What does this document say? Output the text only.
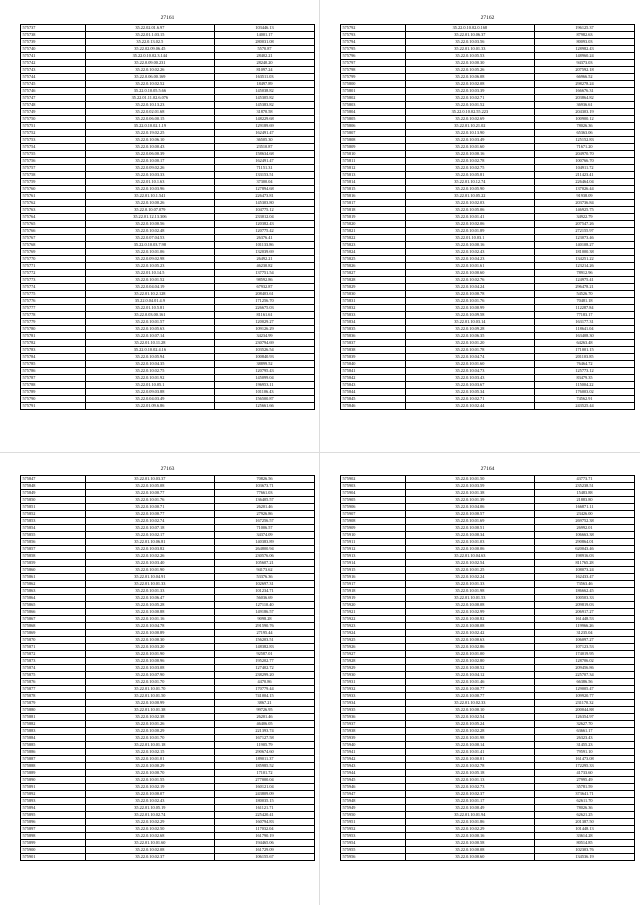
27161
575737	35.22.02.01.6.97	103446.13
575738	35.22.01.1.03.15	14001.17
575739	35.22.0.13.02.5	280031.08
575740	35.22.02.09.06.45	5570.87
575741	35.22.0.10.02.3.144	28402.21
575742	35.22.0.09.00.231	28240.20
575743	35.22.0.10.02.26	81097.24
575744	35.22.0.06.00.169	163511.03
575745	35.22.0.10.02.52	18497.89
575746	35.22.0.10.05.5.66	145038.82
575747	35.22.01.11.02.6.076	145305.82
575748	35.22.0.10.13.23	145383.82
575749	35.22.0.02.01.68	31870.58
575750	35.22.0.06.00.15	148229.68
575751	35.22.0.10.02.1.19	129189.69
575752	35.22.0.19.02.25	162491.47
575753	35.22.0.10.06.10	36505.30
575754	35.22.0.10.00.43	23510.87
575755	35.22.0.06.00.39	158634.68
575756	35.22.0.10.00.17	162491.47
575757	35.22.0.09.02.26	71151.31
575758	35.22.0.10.03.33	133153.51
575759	35.22.01.10.1.63	37300.04
575760	35.22.0.10.03.96	127894.68
575761	35.22.01.10.1.541	226473.81
575762	35.22.0.10.00.26	145303.80
575763	35.22.0.10.07.079	104775.12
575764	35.22.01.12.13.306	233012.04
575765	35.22.0.10.00.56	120382.43
575766	35.22.0.10.02.48	120775.42
575767	35.22.0.07.04.53	26376.41
575768	35.22.0.10.03.7.98	101133.86
575769	35.22.0.10.01.06	132039.69
575770	35.22.0.09.02.98	26492.21
575771	35.22.0.10.05.23	46230.82
575772	35.22.01.10.14.5	137751.54
575773	35.22.0.10.01.52	98592.86
575774	35.22.0.04.04.19	67932.87
575775	35.22.01.10.2.128	208403.61
575776	35.22.0.04.01.4.9	171256.70
575777	35.22.01.10.5.81	226675.03
575778	35.22.0.03.00.161	81161.61
575779	35.22.0.10.01.57	120029.27
575780	35.22.0.10.05.63	109126.29
575781	35.22.0.10.07.14	34234.99
575782	35.22.01.10.11.28	230794.69
575783	35.22.0.10.02.4.16	103526.54
575784	35.22.0.10.05.94	100840.93
575785	35.22.0.10.04.35	38899.52
575786	35.22.0.10.02.75	120795.43
575787	35.22.0.10.01.92	145099.04
575788	35.22.01.10.05.1	196953.11
575789	35.22.0.09.03.88	101106.43
575790	35.22.0.04.03.49	156500.87
575791	35.22.01.09.6.86	125661.66
27162
575792	35.22.0.10.02.0.168	196125.37
575793	35.22.01.10.06.37	87982.63
575794	35.22.0.10.03.56	80093.03
575795	35.22.01.10.01.33	128982.43
575796	35.22.0.10.05.53	148960.24
575797	35.22.0.10.00.30	94373.03
575798	35.22.0.10.05.26	207592.18
575799	35.22.0.10.06.08	66966.52
575800	35.22.0.10.02.08	298278.24
575801	35.22.0.10.03.39	166676.31
575802	35.22.0.10.02.71	203864.82
575803	35.22.0.10.01.52	36936.61
575804	35.22.0.10.02.55.223	204303.19
575805	35.22.0.10.02.69	100900.12
575806	35.22.01.10.21.02	78026.36
575807	35.22.0.10.13.90	65363.06
575808	35.22.0.10.03.49	125152.83
575809	35.22.0.10.01.60	71671.20
575810	35.22.0.10.00.16	204970.70
575811	35.22.0.10.02.78	100766.70
575812	35.22.0.10.02.75	104911.72
575813	35.22.0.10.05.81	211423.41
575814	35.22.01.10.12.74	226464.04
575815	35.22.0.10.05.90	137026.44
575816	35.22.01.10.05.22	91938.09
575817	35.22.0.10.02.03	203736.84
575818	35.22.0.10.05.06	146925.75
575819	35.22.0.10.01.41	34922.79
575820	35.22.0.10.02.06	207547.26
575821	35.22.0.10.01.89	272155.97
575822	35.22.01.10.03.1	123073.46
575823	35.22.0.10.00.16	140108.27
575824	35.22.0.10.02.43	181000.38
575825	35.22.0.10.04.23	134251.22
575826	35.22.0.10.01.61	123214.26
575827	35.22.0.10.00.60	78912.96
575828	35.22.0.10.02.76	124975.41
575829	35.22.0.10.04.24	296478.21
575830	35.22.0.10.00.78	54526.70
575831	35.22.0.10.01.76	70481.18
575832	35.22.0.10.00.99	112287.84
575833	35.22.0.10.09.58	77183.17
575834	35.22.01.10.03.14	163177.31
575835	35.22.0.10.09.28	118641.04
575836	35.22.0.10.06.35	163408.30
575837	35.22.0.10.01.20	64263.48
575838	35.22.0.10.01.78	171001.15
575839	35.22.0.10.04.74	201103.85
575840	35.22.0.10.01.60	76464.72
575841	35.22.0.10.04.73	125773.12
575842	35.22.0.10.03.43	83479.35
575843	35.22.0.10.03.67	115004.22
575844	35.22.0.10.05.34	176003.02
575845	35.22.0.10.02.71	74562.91
575846	35.22.0.10.02.44	243525.44
27163
575847	35.22.01.10.03.37	70826.56
575848	35.22.0.10.05.08	103673.71
575849	35.22.0.10.00.77	77661.03
575850	35.22.0.10.01.76	136405.57
575851	35.22.0.10.00.71	26201.46
575852	35.22.0.10.00.77	27926.86
575853	35.22.0.10.02.74	167256.57
575854	35.22.0.10.07.18	71006.57
575855	35.22.0.10.02.17	34374.09
575856	35.22.01.10.06.81	140383.89
575857	35.22.0.10.03.82	264800.94
575858	35.22.0.10.02.26	230576.06
575859	35.22.0.10.03.40	105607.21
575860	35.22.0.10.01.90	94173.62
575861	35.22.01.10.04.91	53376.36
575862	35.22.01.10.01.33	102697.31
575863	35.22.0.10.01.33	101234.71
575864	35.22.0.10.06.47	56036.69
575865	35.22.0.10.05.28	127110.40
575866	35.22.0.10.00.88	149186.57
575867	35.22.0.10.01.16	9098.28
575868	35.22.0.10.04.78	291590.76
575869	35.22.0.10.00.89	27195.44
575870	35.22.0.10.00.30	156203.51
575871	35.22.0.10.03.20	148382.83
575872	35.22.0.10.01.90	92587.01
575873	35.22.0.10.00.96	195202.77
575874	35.22.0.10.03.08	127402.72
575875	35.22.0.10.07.90	238299.20
575876	35.22.0.10.01.70	4470.86
575877	35.22.01.10.01.70	170779.44
575878	35.22.01.10.01.50	741004.15
575879	35.22.0.10.00.99	3867.21
575880	35.22.01.10.01.38	99726.95
575881	35.22.0.10.02.38	26201.46
575882	35.22.0.10.01.26	46406.05
575883	35.22.0.10.00.29	221393.74
575884	35.22.0.10.01.70	167127.58
575885	35.22.01.10.01.18	11905.79
575886	35.22.0.10.02.15	290674.60
575887	35.22.0.10.01.01	189011.37
575888	35.22.0.10.00.29	185985.52
575889	35.22.0.10.00.70	17101.72
575890	35.22.0.10.01.55	277000.04
575891	35.22.0.10.02.19	160121.04
575892	35.22.0.10.00.07	243809.09
575893	35.22.0.10.02.43	180035.15
575894	35.22.01.10.05.19	161121.71
575895	35.22.01.10.02.74	225420.41
575896	35.22.0.10.02.29	160794.83
575897	35.22.0.10.02.50	117032.04
575898	35.22.0.10.02.68	161790.19
575899	35.22.01.10.01.60	194465.06
575900	35.22.0.10.02.08	161729.09
575901	35.22.0.10.02.37	106155.67
27164
575902	35.22.0.10.01.50	43773.71
575903	35.22.0.10.03.59	235238.51
575904	35.22.0.10.01.38	15483.88
575905	35.22.0.10.01.39	21883.80
575906	35.22.0.10.04.06	166871.11
575907	35.22.0.10.00.57	23426.00
575908	35.22.0.10.01.69	269752.38
575909	35.22.0.10.00.51	26992.01
575910	35.22.0.10.00.34	106663.38
575911	35.22.0.10.01.03	290864.01
575912	35.22.0.10.00.06	620043.46
575913	35.22.01.10.04.63	198916.03
575914	35.22.0.10.02.54	811765.28
575915	35.22.0.10.01.25	108073.24
575916	35.22.0.10.02.24	162433.47
575917	35.22.0.10.01.33	73563.46
575918	35.22.0.10.01.98	186662.45
575919	35.22.01.10.01.53	100503.33
575920	35.22.0.10.00.08	209819.03
575921	35.22.0.10.02.99	206917.27
575922	35.22.0.10.00.82	161448.53
575923	35.22.0.10.00.08	119966.26
575924	35.22.0.10.02.42	31235.04
575925	35.22.0.10.00.63	106097.27
575926	35.22.0.10.02.86	107123.53
575927	35.22.0.10.01.00	174019.95
575928	35.22.0.10.02.80	128706.02
575929	35.22.0.10.00.52	209456.86
575930	35.22.0.10.04.12	225707.34
575931	35.22.0.10.01.46	66386.56
575932	35.22.0.10.00.77	129005.47
575933	35.22.0.10.00.77	109920.77
575934	35.22.01.10.02.33	231170.32
575935	35.22.0.10.00.10	200044.88
575936	35.22.0.10.02.54	126354.97
575937	35.22.0.10.05.24	32627.70
575938	35.22.0.10.02.28	63661.17
575939	35.22.0.10.01.98	26323.43
575940	35.22.0.10.00.14	31455.23
575941	35.22.0.10.01.41	79591.10
575942	35.22.0.10.00.01	161473.08
575943	35.22.0.10.02.78	172295.33
575944	35.22.0.10.05.18	41733.60
575945	35.22.0.10.01.13	27995.49
575946	35.22.0.10.02.73	35781.59
575947	35.22.0.10.02.37	373641.71
575948	35.22.0.10.01.17	62611.70
575949	35.22.0.10.00.49	78026.36
575950	35.22.01.10.01.94	62621.25
575951	35.22.0.10.01.86	201387.50
575952	35.22.0.10.02.29	101448.13
575953	35.22.0.10.00.16	33614.28
575954	35.22.0.10.00.58	80514.85
575955	35.22.0.10.00.08	102303.76
575956	35.22.0.10.00.60	134536.19
